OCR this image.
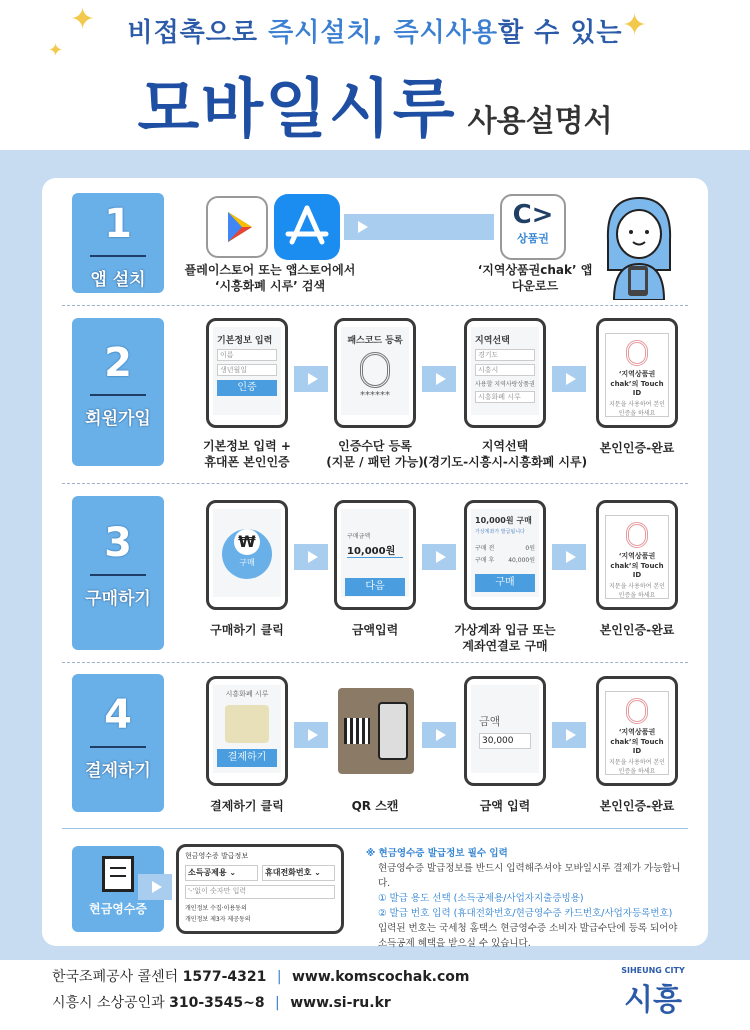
✦
✦
✦
비접촉으로 즉시설치, 즉시사용할 수 있는
모바일시루 사용설명서
1
앱 설치
C>
상품권
플레이스토어 또는 앱스토어에서
‘시흥화폐 시루’ 검색
‘지역상품권chak’ 앱
다운로드
2
회원가입
기본정보 입력
이름
생년월일
인증
패스코드 등록
******
지역선택
경기도
시흥시
사용할 지역사랑상품권
시흥화폐 시루
‘지역상품권 chak’의 Touch ID
지문을 사용하여 본인 인증을 하세요
기본정보 입력 +
휴대폰 본인인증
인증수단 등록
(지문 / 패턴 가능)
지역선택
(경기도-시흥시-시흥화폐 시루)
본인인증-완료
3
구매하기
₩
구매
구매금액
10,000원
다음
10,000원 구매
가상계좌가 발급됩니다
구매 전	0원
구매 후 40,000원
구매
‘지역상품권 chak’의 Touch ID
지문을 사용하여 본인 인증을 하세요
구매하기 클릭	금액입력	가상계좌 입금 또는
계좌연결로 구매
본인인증-완료
4
결제하기
시흥화폐 시루
결제하기
금액
30,000
‘지역상품권 chak’의 Touch ID
지문을 사용하여 본인 인증을 하세요
결제하기 클릭	QR 스캔	금액 입력	본인인증-완료
현금영수증
현금영수증 발급정보
소득공제용 ⌄	휴대전화번호 ⌄
'-'없이 숫자만 입력
개인정보 수집·이용동의
개인정보 제3자 제공동의
※ 현금영수증 발급정보 필수 입력
현금영수증 발급정보를 반드시 입력해주셔야 모바일시루 결제가 가능합니다.
① 발급 용도 선택 (소득공제용/사업자지출증빙용)
② 발급 번호 입력 (휴대전화번호/현금영수증 카드번호/사업자등록번호)
입력된 번호는 국세청 홈택스 현금영수증 소비자 발급수단에 등록 되어야
소득공제 혜택을 받으실 수 있습니다.
한국조폐공사 콜센터 1577-4321 | www.komscochak.com
시흥시 소상공인과 310-3545~8 | www.si-ru.kr
SIHEUNG CITY
시흥
